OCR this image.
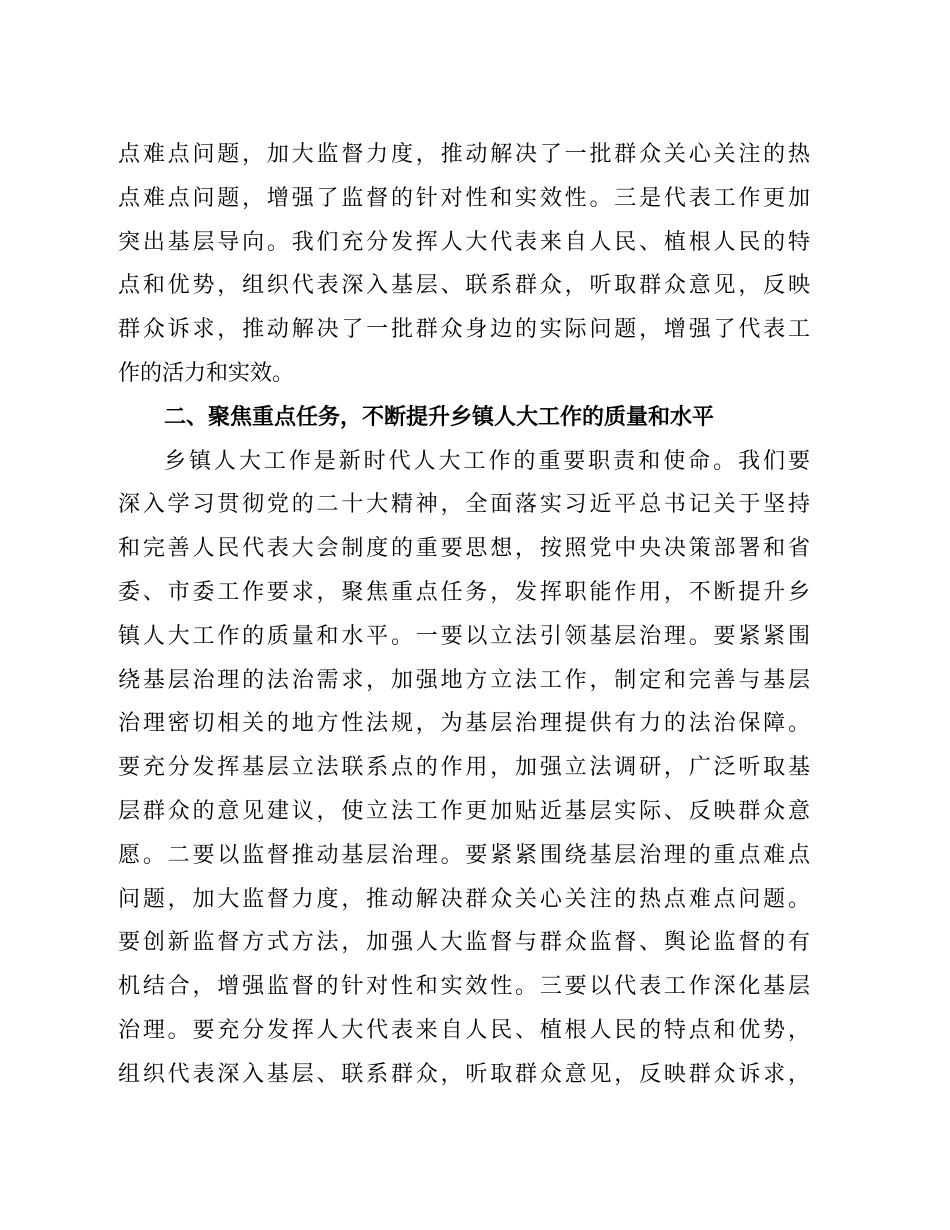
点难点问题，加大监督力度，推动解决了一批群众关心关注的热
点难点问题，增强了监督的针对性和实效性。三是代表工作更加
突出基层导向。我们充分发挥人大代表来自人民、植根人民的特
点和优势，组织代表深入基层、联系群众，听取群众意见，反映
群众诉求，推动解决了一批群众身边的实际问题，增强了代表工
作的活力和实效。
二、聚焦重点任务，不断提升乡镇人大工作的质量和水平
乡镇人大工作是新时代人大工作的重要职责和使命。我们要
深入学习贯彻党的二十大精神，全面落实习近平总书记关于坚持
和完善人民代表大会制度的重要思想，按照党中央决策部署和省
委、市委工作要求，聚焦重点任务，发挥职能作用，不断提升乡
镇人大工作的质量和水平。一要以立法引领基层治理。要紧紧围
绕基层治理的法治需求，加强地方立法工作，制定和完善与基层
治理密切相关的地方性法规，为基层治理提供有力的法治保障。
要充分发挥基层立法联系点的作用，加强立法调研，广泛听取基
层群众的意见建议，使立法工作更加贴近基层实际、反映群众意
愿。二要以监督推动基层治理。要紧紧围绕基层治理的重点难点
问题，加大监督力度，推动解决群众关心关注的热点难点问题。
要创新监督方式方法，加强人大监督与群众监督、舆论监督的有
机结合，增强监督的针对性和实效性。三要以代表工作深化基层
治理。要充分发挥人大代表来自人民、植根人民的特点和优势，
组织代表深入基层、联系群众，听取群众意见，反映群众诉求，
